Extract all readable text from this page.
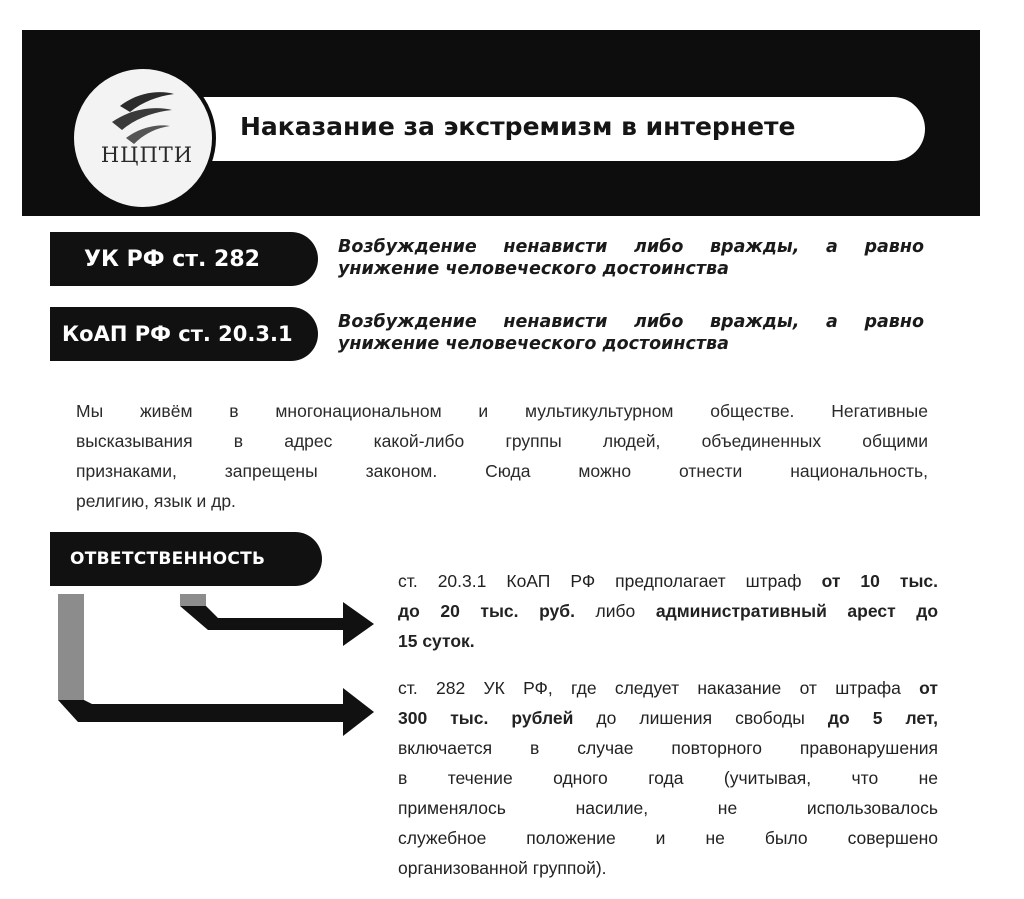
Наказание за экстремизм в интернете
НЦПТИ
УК РФ ст. 282	Возбуждение ненависти либо вражды, а равно
унижение человеческого достоинства
КоАП РФ ст. 20.3.1	Возбуждение ненависти либо вражды, а равно
унижение человеческого достоинства
Мы живём в многонациональном и мультикультурном обществе. Негативные
высказывания в адрес какой-либо группы людей, объединенных общими
признаками, запрещены законом. Сюда можно отнести национальность,
религию, язык и др.
ОТВЕТСТВЕННОСТЬ
ст. 20.3.1 КоАП РФ предполагает штраф от 10 тыс.
до 20 тыс. руб. либо административный арест до
15 суток.
ст. 282 УК РФ, где следует наказание от штрафа от
300 тыс. рублей до лишения свободы до 5 лет,
включается в случае повторного правонарушения
в течение одного года (учитывая, что не
применялось насилие, не использовалось
служебное положение и не было совершено
организованной группой).
